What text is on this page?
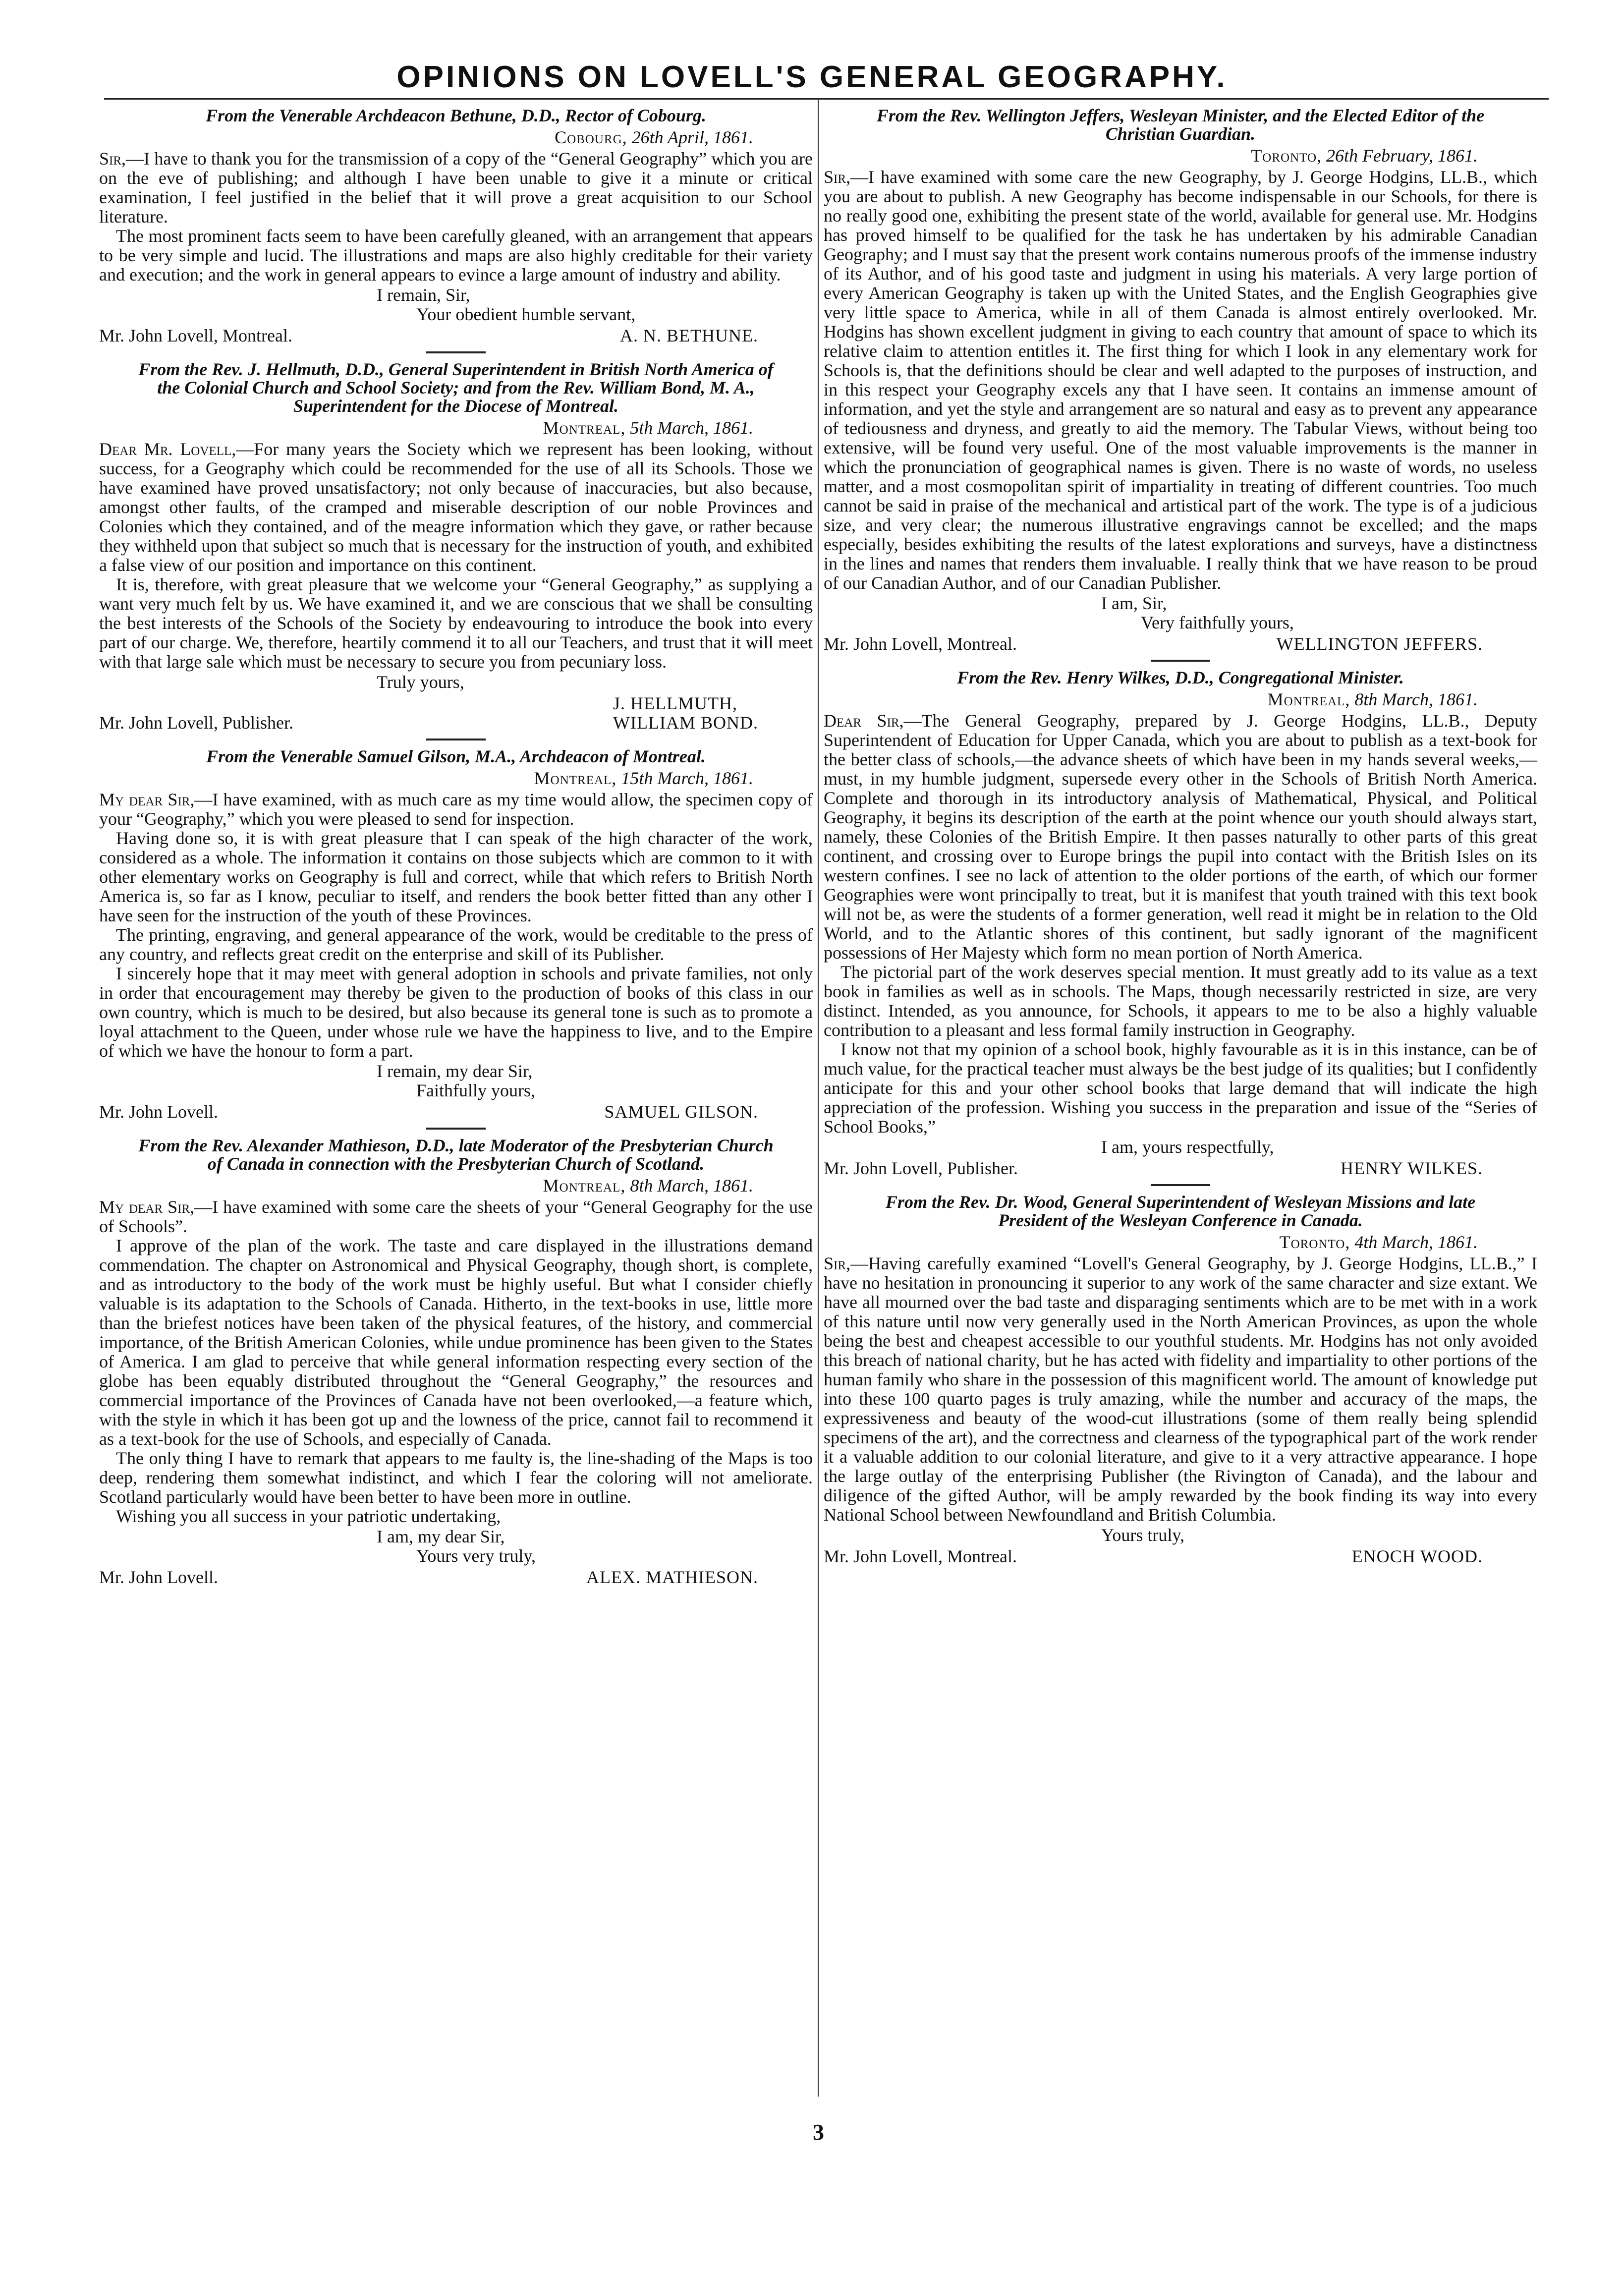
OPINIONS ON LOVELL'S GENERAL GEOGRAPHY.
From the Venerable Archdeacon Bethune, D.D., Rector of Cobourg.
Cobourg, 26th April, 1861.

Sir,—I have to thank you for the transmission of a copy of the “General Geography” which you are on the eve of publishing; and although I have been unable to give it a minute or critical examination, I feel justified in the belief that it will prove a great acquisition to our School literature.

The most prominent facts seem to have been carefully gleaned, with an arrangement that appears to be very simple and lucid. The illustrations and maps are also highly creditable for their variety and execution; and the work in general appears to evince a large amount of industry and ability.

I remain, Sir,
Your obedient humble servant,
Mr. John Lovell, Montreal.	A. N. BETHUNE.
From the Rev. J. Hellmuth, D.D., General Superintendent in British North America of the Colonial Church and School Society; and from the Rev. William Bond, M. A., Superintendent for the Diocese of Montreal.
Montreal, 5th March, 1861.

Dear Mr. Lovell,—For many years the Society which we represent has been looking, without success, for a Geography which could be recommended for the use of all its Schools. Those we have examined have proved unsatisfactory; not only because of inaccuracies, but also because, amongst other faults, of the cramped and miserable description of our noble Provinces and Colonies which they contained, and of the meagre information which they gave, or rather because they withheld upon that subject so much that is necessary for the instruction of youth, and exhibited a false view of our position and importance on this continent.

It is, therefore, with great pleasure that we welcome your “General Geography,” as supplying a want very much felt by us. We have examined it, and we are conscious that we shall be consulting the best interests of the Schools of the Society by endeavouring to introduce the book into every part of our charge. We, therefore, heartily commend it to all our Teachers, and trust that it will meet with that large sale which must be necessary to secure you from pecuniary loss.

Truly yours,
Mr. John Lovell, Publisher.
J. HELLMUTH,
WILLIAM BOND.
From the Venerable Samuel Gilson, M.A., Archdeacon of Montreal.
Montreal, 15th March, 1861.

My dear Sir,—I have examined, with as much care as my time would allow, the specimen copy of your “Geography,” which you were pleased to send for inspection.

Having done so, it is with great pleasure that I can speak of the high character of the work, considered as a whole. The information it contains on those subjects which are common to it with other elementary works on Geography is full and correct, while that which refers to British North America is, so far as I know, peculiar to itself, and renders the book better fitted than any other I have seen for the instruction of the youth of these Provinces.

The printing, engraving, and general appearance of the work, would be creditable to the press of any country, and reflects great credit on the enterprise and skill of its Publisher.

I sincerely hope that it may meet with general adoption in schools and private families, not only in order that encouragement may thereby be given to the production of books of this class in our own country, which is much to be desired, but also because its general tone is such as to promote a loyal attachment to the Queen, under whose rule we have the happiness to live, and to the Empire of which we have the honour to form a part.

I remain, my dear Sir,
Faithfully yours,
Mr. John Lovell.	SAMUEL GILSON.
From the Rev. Alexander Mathieson, D.D., late Moderator of the Presbyterian Church of Canada in connection with the Presbyterian Church of Scotland.
Montreal, 8th March, 1861.

My dear Sir,—I have examined with some care the sheets of your “General Geography for the use of Schools”.

I approve of the plan of the work. The taste and care displayed in the illustrations demand commendation. The chapter on Astronomical and Physical Geography, though short, is complete, and as introductory to the body of the work must be highly useful. But what I consider chiefly valuable is its adaptation to the Schools of Canada. Hitherto, in the text-books in use, little more than the briefest notices have been taken of the physical features, of the history, and commercial importance, of the British American Colonies, while undue prominence has been given to the States of America. I am glad to perceive that while general information respecting every section of the globe has been equably distributed throughout the “General Geography,” the resources and commercial importance of the Provinces of Canada have not been overlooked,—a feature which, with the style in which it has been got up and the lowness of the price, cannot fail to recommend it as a text-book for the use of Schools, and especially of Canada.

The only thing I have to remark that appears to me faulty is, the line-shading of the Maps is too deep, rendering them somewhat indistinct, and which I fear the coloring will not ameliorate. Scotland particularly would have been better to have been more in outline.

Wishing you all success in your patriotic undertaking,

I am, my dear Sir,
Yours very truly,
Mr. John Lovell.	ALEX. MATHIESON.
From the Rev. Wellington Jeffers, Wesleyan Minister, and the Elected Editor of the Christian Guardian.
Toronto, 26th February, 1861.

Sir,—I have examined with some care the new Geography, by J. George Hodgins, LL.B., which you are about to publish. A new Geography has become indispensable in our Schools, for there is no really good one, exhibiting the present state of the world, available for general use. Mr. Hodgins has proved himself to be qualified for the task he has undertaken by his admirable Canadian Geography; and I must say that the present work contains numerous proofs of the immense industry of its Author, and of his good taste and judgment in using his materials. A very large portion of every American Geography is taken up with the United States, and the English Geographies give very little space to America, while in all of them Canada is almost entirely overlooked. Mr. Hodgins has shown excellent judgment in giving to each country that amount of space to which its relative claim to attention entitles it. The first thing for which I look in any elementary work for Schools is, that the definitions should be clear and well adapted to the purposes of instruction, and in this respect your Geography excels any that I have seen. It contains an immense amount of information, and yet the style and arrangement are so natural and easy as to prevent any appearance of tediousness and dryness, and greatly to aid the memory. The Tabular Views, without being too extensive, will be found very useful. One of the most valuable improvements is the manner in which the pronunciation of geographical names is given. There is no waste of words, no useless matter, and a most cosmopolitan spirit of impartiality in treating of different countries. Too much cannot be said in praise of the mechanical and artistical part of the work. The type is of a judicious size, and very clear; the numerous illustrative engravings cannot be excelled; and the maps especially, besides exhibiting the results of the latest explorations and surveys, have a distinctness in the lines and names that renders them invaluable. I really think that we have reason to be proud of our Canadian Author, and of our Canadian Publisher.

I am, Sir,
Very faithfully yours,
Mr. John Lovell, Montreal.	WELLINGTON JEFFERS.
From the Rev. Henry Wilkes, D.D., Congregational Minister.
Montreal, 8th March, 1861.

Dear Sir,—The General Geography, prepared by J. George Hodgins, LL.B., Deputy Superintendent of Education for Upper Canada, which you are about to publish as a text-book for the better class of schools,—the advance sheets of which have been in my hands several weeks,—must, in my humble judgment, supersede every other in the Schools of British North America. Complete and thorough in its introductory analysis of Mathematical, Physical, and Political Geography, it begins its description of the earth at the point whence our youth should always start, namely, these Colonies of the British Empire. It then passes naturally to other parts of this great continent, and crossing over to Europe brings the pupil into contact with the British Isles on its western confines. I see no lack of attention to the older portions of the earth, of which our former Geographies were wont principally to treat, but it is manifest that youth trained with this text book will not be, as were the students of a former generation, well read it might be in relation to the Old World, and to the Atlantic shores of this continent, but sadly ignorant of the magnificent possessions of Her Majesty which form no mean portion of North America.

The pictorial part of the work deserves special mention. It must greatly add to its value as a text book in families as well as in schools. The Maps, though necessarily restricted in size, are very distinct. Intended, as you announce, for Schools, it appears to me to be also a highly valuable contribution to a pleasant and less formal family instruction in Geography.

I know not that my opinion of a school book, highly favourable as it is in this instance, can be of much value, for the practical teacher must always be the best judge of its qualities; but I confidently anticipate for this and your other school books that large demand that will indicate the high appreciation of the profession. Wishing you success in the preparation and issue of the “Series of School Books,”

I am, yours respectfully,
Mr. John Lovell, Publisher.	HENRY WILKES.
From the Rev. Dr. Wood, General Superintendent of Wesleyan Missions and late President of the Wesleyan Conference in Canada.
Toronto, 4th March, 1861.

Sir,—Having carefully examined “Lovell's General Geography, by J. George Hodgins, LL.B.,” I have no hesitation in pronouncing it superior to any work of the same character and size extant. We have all mourned over the bad taste and disparaging sentiments which are to be met with in a work of this nature until now very generally used in the North American Provinces, as upon the whole being the best and cheapest accessible to our youthful students. Mr. Hodgins has not only avoided this breach of national charity, but he has acted with fidelity and impartiality to other portions of the human family who share in the possession of this magnificent world. The amount of knowledge put into these 100 quarto pages is truly amazing, while the number and accuracy of the maps, the expressiveness and beauty of the wood-cut illustrations (some of them really being splendid specimens of the art), and the correctness and clearness of the typographical part of the work render it a valuable addition to our colonial literature, and give to it a very attractive appearance. I hope the large outlay of the enterprising Publisher (the Rivington of Canada), and the labour and diligence of the gifted Author, will be amply rewarded by the book finding its way into every National School between Newfoundland and British Columbia.

Yours truly,
Mr. John Lovell, Montreal.	ENOCH WOOD.
3
